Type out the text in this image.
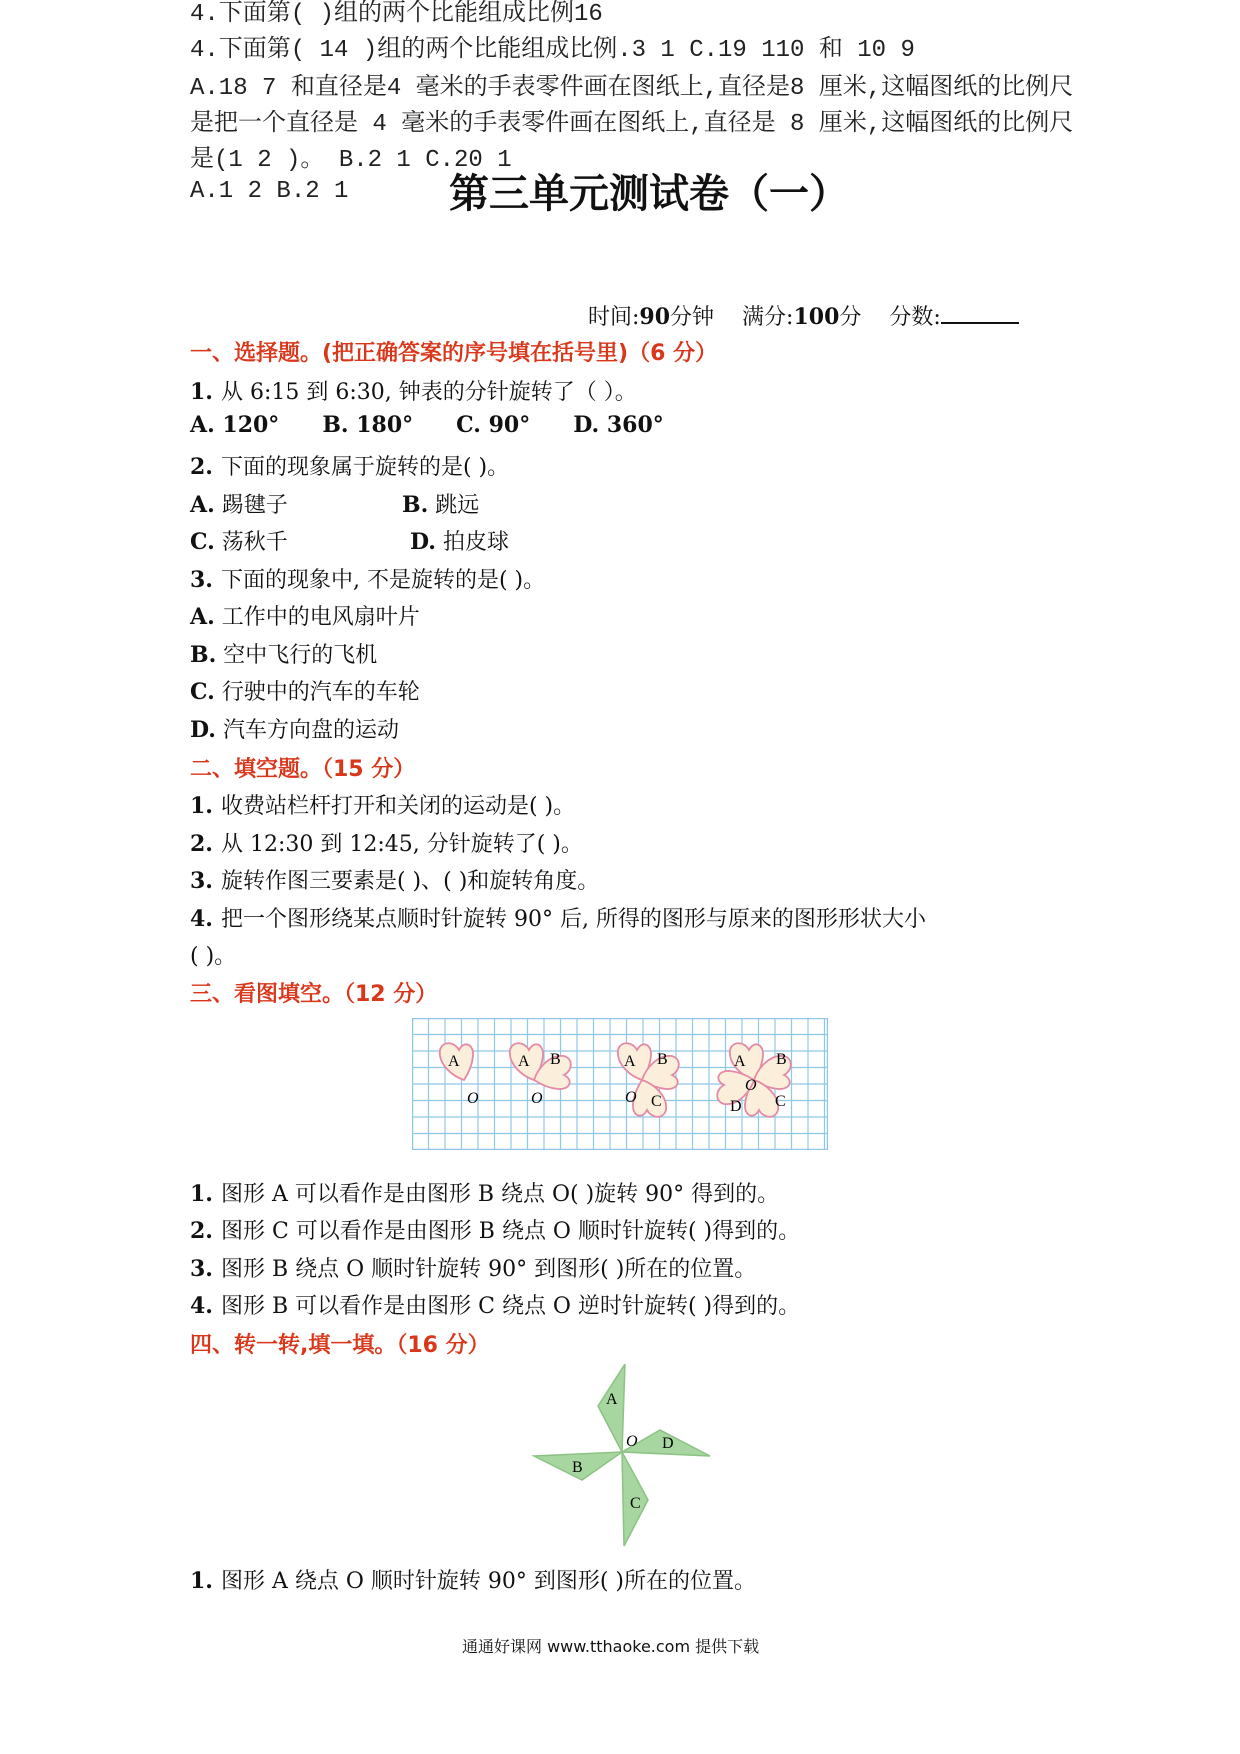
4.下面第( )组的两个比能组成比例16
4.下面第( 14 )组的两个比能组成比例.3 1 C.19 110 和 10 9
A.18 7 和直径是4 毫米的手表零件画在图纸上,直径是8 厘米,这幅图纸的比例尺
是把一个直径是 4 毫米的手表零件画在图纸上,直径是 8 厘米,这幅图纸的比例尺
是(1 2 )。 B.2 1 C.20 1
A.1 2 B.2 1	第三单元测试卷（一）
时间:90分钟 满分:100分 分数:
一、选择题。(把正确答案的序号填在括号里)（6 分）
1. 从 6:15 到 6:30, 钟表的分针旋转了（ ）。
A. 120° B. 180° C. 90° D. 360°
2. 下面的现象属于旋转的是( )。
A. 踢毽子	B. 跳远
C. 荡秋千	D. 拍皮球
3. 下面的现象中, 不是旋转的是( )。
A. 工作中的电风扇叶片
B. 空中飞行的飞机
C. 行驶中的汽车的车轮
D. 汽车方向盘的运动
二、填空题。（15 分）
1. 收费站栏杆打开和关闭的运动是( )。
2. 从 12:30 到 12:45, 分针旋转了( )。
3. 旋转作图三要素是( )、( )和旋转角度。
4. 把一个图形绕某点顺时针旋转 90° 后, 所得的图形与原来的图形形状大小
( )。
三、看图填空。（12 分）
A
O
A B
O
A B
C
O
A B
C
D
O
1. 图形 A 可以看作是由图形 B 绕点 O( )旋转 90° 得到的。
2. 图形 C 可以看作是由图形 B 绕点 O 顺时针旋转( )得到的。
3. 图形 B 绕点 O 顺时针旋转 90° 到图形( )所在的位置。
4. 图形 B 可以看作是由图形 C 绕点 O 逆时针旋转( )得到的。
四、转一转,填一填。（16 分）
A
D
B
C
O
1. 图形 A 绕点 O 顺时针旋转 90° 到图形( )所在的位置。
通通好课网 www.tthaoke.com 提供下载
